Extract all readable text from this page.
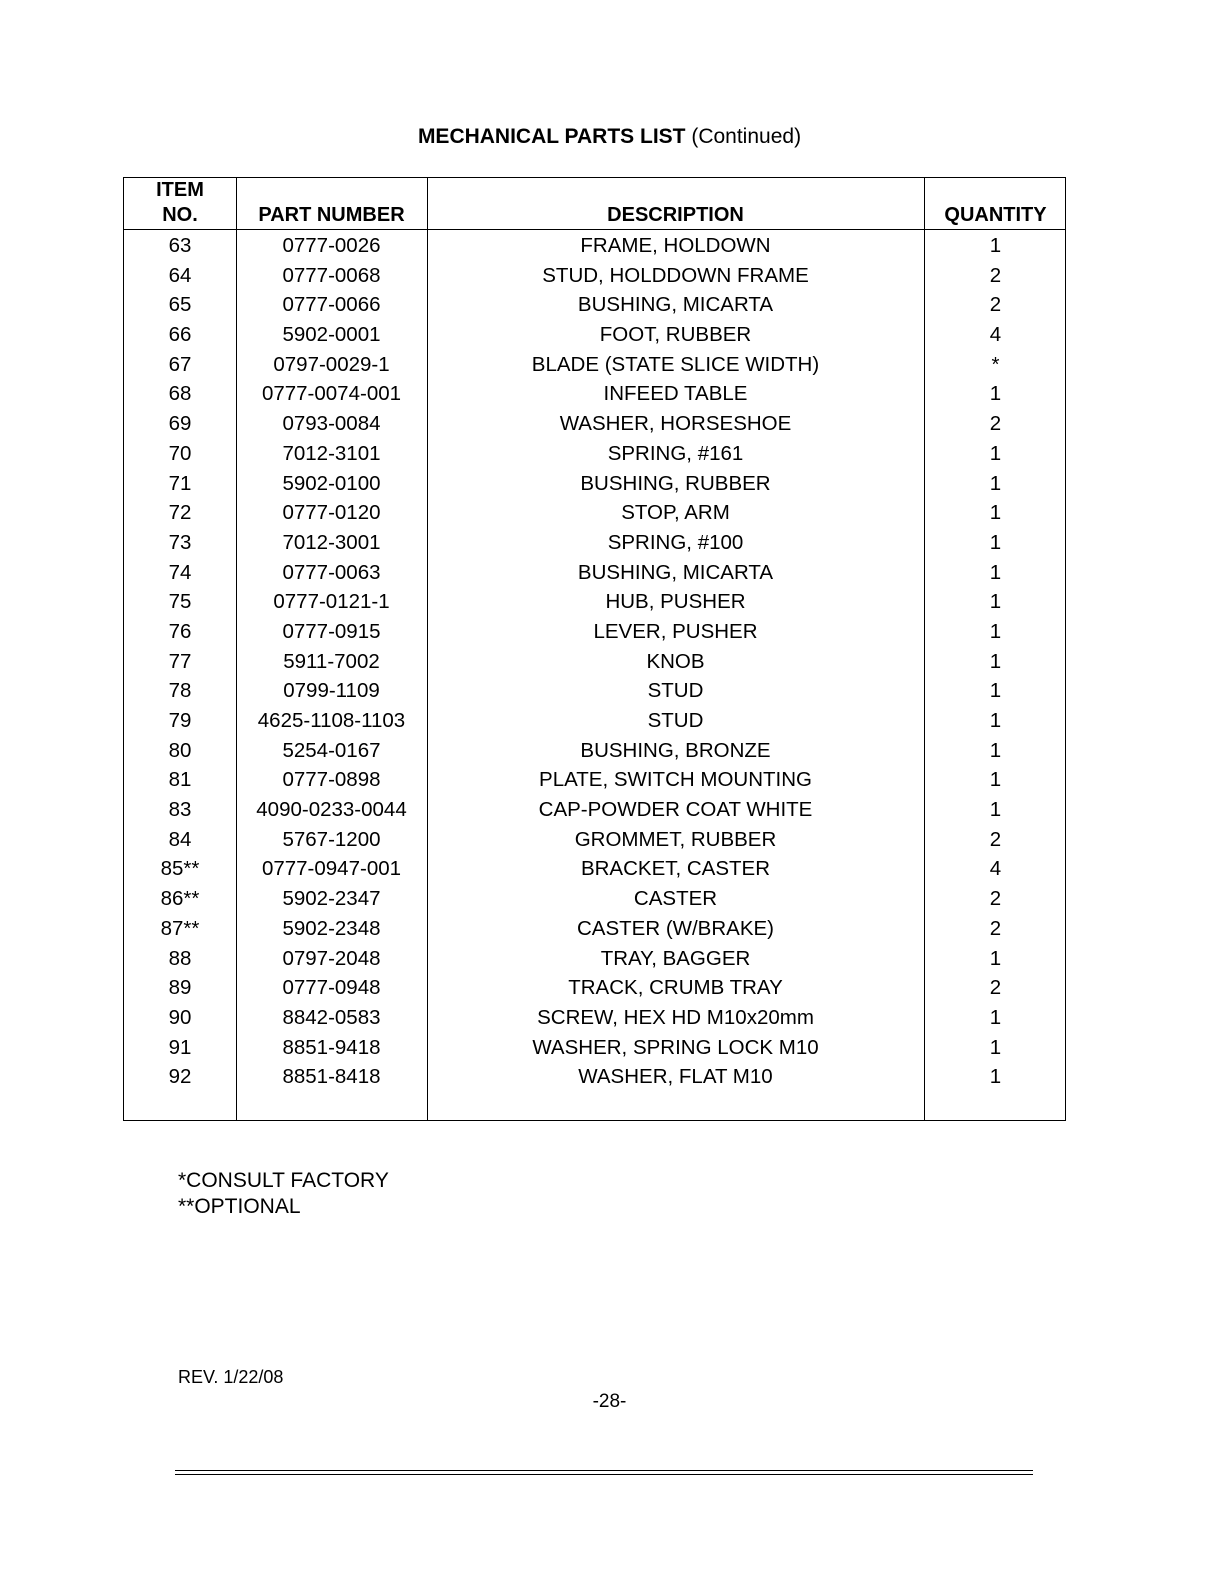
MECHANICAL PARTS LIST (Continued)
ITEM
NO.	PART NUMBER	DESCRIPTION	QUANTITY
63	0777-0026	FRAME, HOLDOWN	1
64	0777-0068	STUD, HOLDDOWN FRAME	2
65	0777-0066	BUSHING, MICARTA	2
66	5902-0001	FOOT, RUBBER	4
67	0797-0029-1	BLADE (STATE SLICE WIDTH)	*
68	0777-0074-001	INFEED TABLE	1
69	0793-0084	WASHER, HORSESHOE	2
70	7012-3101	SPRING, #161	1
71	5902-0100	BUSHING, RUBBER	1
72	0777-0120	STOP, ARM	1
73	7012-3001	SPRING, #100	1
74	0777-0063	BUSHING, MICARTA	1
75	0777-0121-1	HUB, PUSHER	1
76	0777-0915	LEVER, PUSHER	1
77	5911-7002	KNOB	1
78	0799-1109	STUD	1
79	4625-1108-1103	STUD	1
80	5254-0167	BUSHING, BRONZE	1
81	0777-0898	PLATE, SWITCH MOUNTING	1
83	4090-0233-0044	CAP-POWDER COAT WHITE	1
84	5767-1200	GROMMET, RUBBER	2
85**	0777-0947-001	BRACKET, CASTER	4
86**	5902-2347	CASTER	2
87**	5902-2348	CASTER (W/BRAKE)	2
88	0797-2048	TRAY, BAGGER	1
89	0777-0948	TRACK, CRUMB TRAY	2
90	8842-0583	SCREW, HEX HD M10x20mm	1
91	8851-9418	WASHER, SPRING LOCK M10	1
92	8851-8418	WASHER, FLAT M10	1
*CONSULT FACTORY
**OPTIONAL
REV. 1/22/08
-28-
